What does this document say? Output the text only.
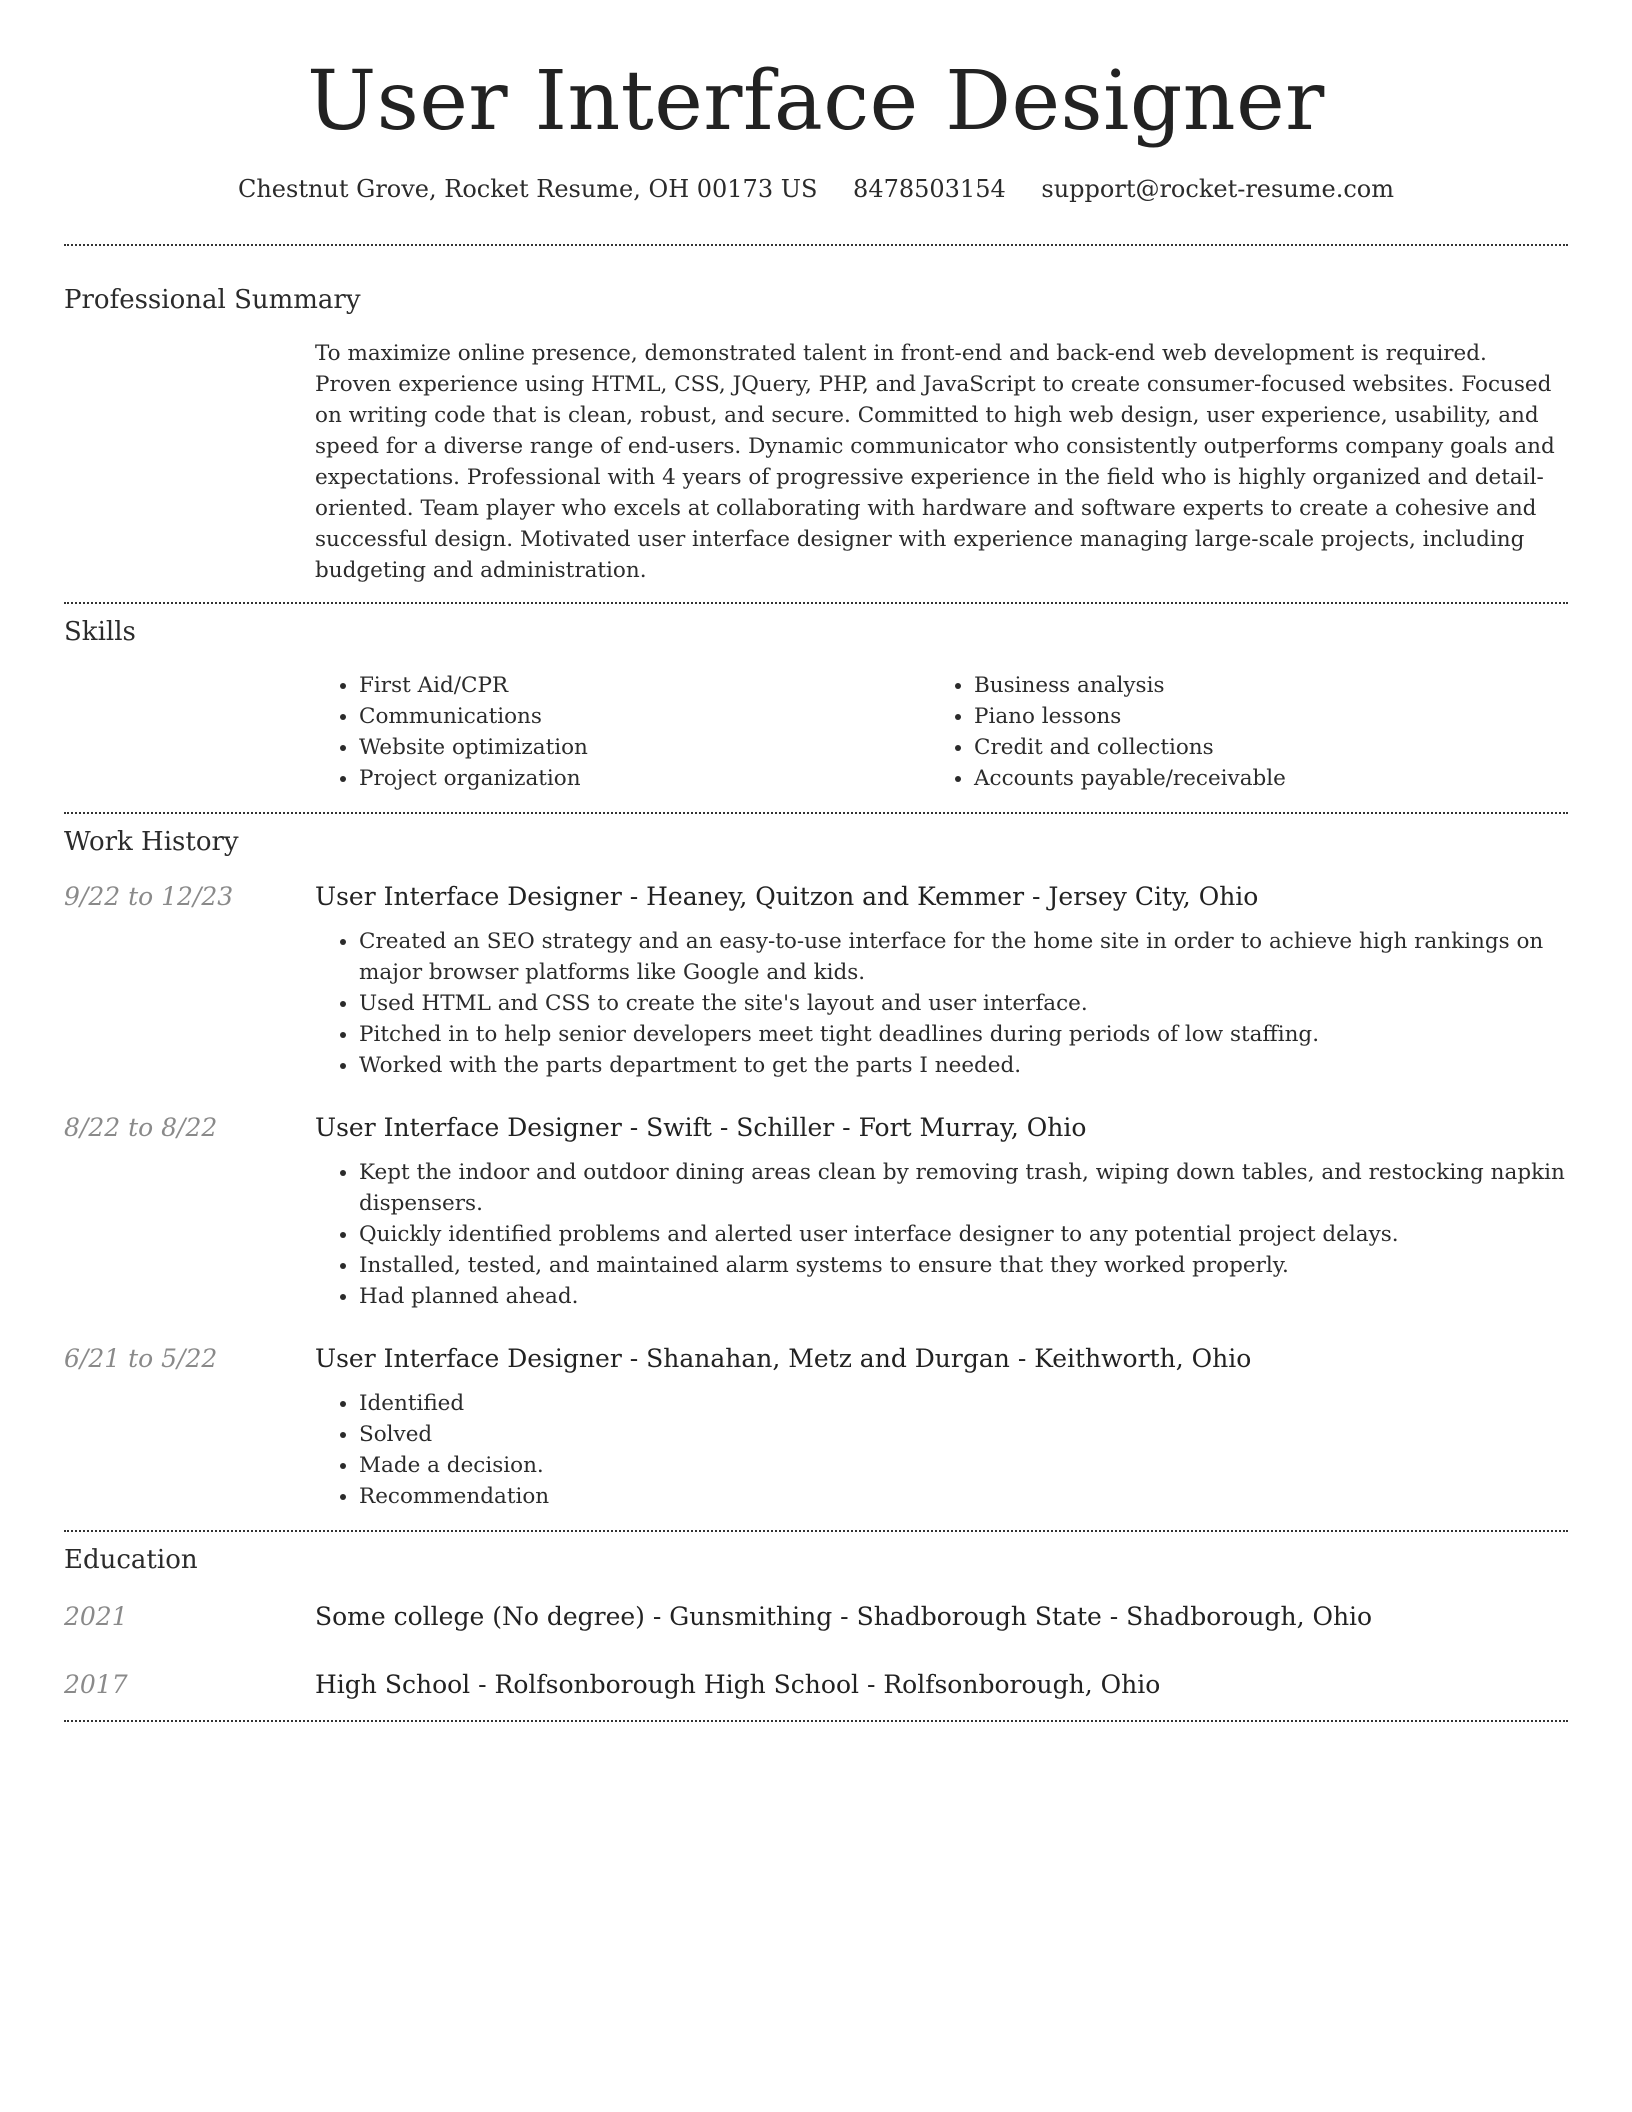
User Interface Designer
Chestnut Grove, Rocket Resume, OH 00173 US 8478503154 support@rocket-resume.com
Professional Summary
To maximize online presence, demonstrated talent in front-end and back-end web development is required. Proven experience using HTML, CSS, JQuery, PHP, and JavaScript to create consumer-focused websites. Focused on writing code that is clean, robust, and secure. Committed to high web design, user experience, usability, and speed for a diverse range of end-users. Dynamic communicator who consistently outperforms company goals and expectations. Professional with 4 years of progressive experience in the field who is highly organized and detail-oriented. Team player who excels at collaborating with hardware and software experts to create a cohesive and successful design. Motivated user interface designer with experience managing large-scale projects, including budgeting and administration.
Skills
• First Aid/CPR
• Communications
• Website optimization
• Project organization
• Business analysis
• Piano lessons
• Credit and collections
• Accounts payable/receivable
Work History
9/22 to 12/23	User Interface Designer - Heaney, Quitzon and Kemmer - Jersey City, Ohio
• Created an SEO strategy and an easy-to-use interface for the home site in order to achieve high rankings on major browser platforms like Google and kids.
• Used HTML and CSS to create the site's layout and user interface.
• Pitched in to help senior developers meet tight deadlines during periods of low staffing.
• Worked with the parts department to get the parts I needed.
8/22 to 8/22	User Interface Designer - Swift - Schiller - Fort Murray, Ohio
• Kept the indoor and outdoor dining areas clean by removing trash, wiping down tables, and restocking napkin dispensers.
• Quickly identified problems and alerted user interface designer to any potential project delays.
• Installed, tested, and maintained alarm systems to ensure that they worked properly.
• Had planned ahead.
6/21 to 5/22	User Interface Designer - Shanahan, Metz and Durgan - Keithworth, Ohio
• Identified
• Solved
• Made a decision.
• Recommendation
Education
2021	Some college (No degree) - Gunsmithing - Shadborough State - Shadborough, Ohio
2017	High School - Rolfsonborough High School - Rolfsonborough, Ohio
